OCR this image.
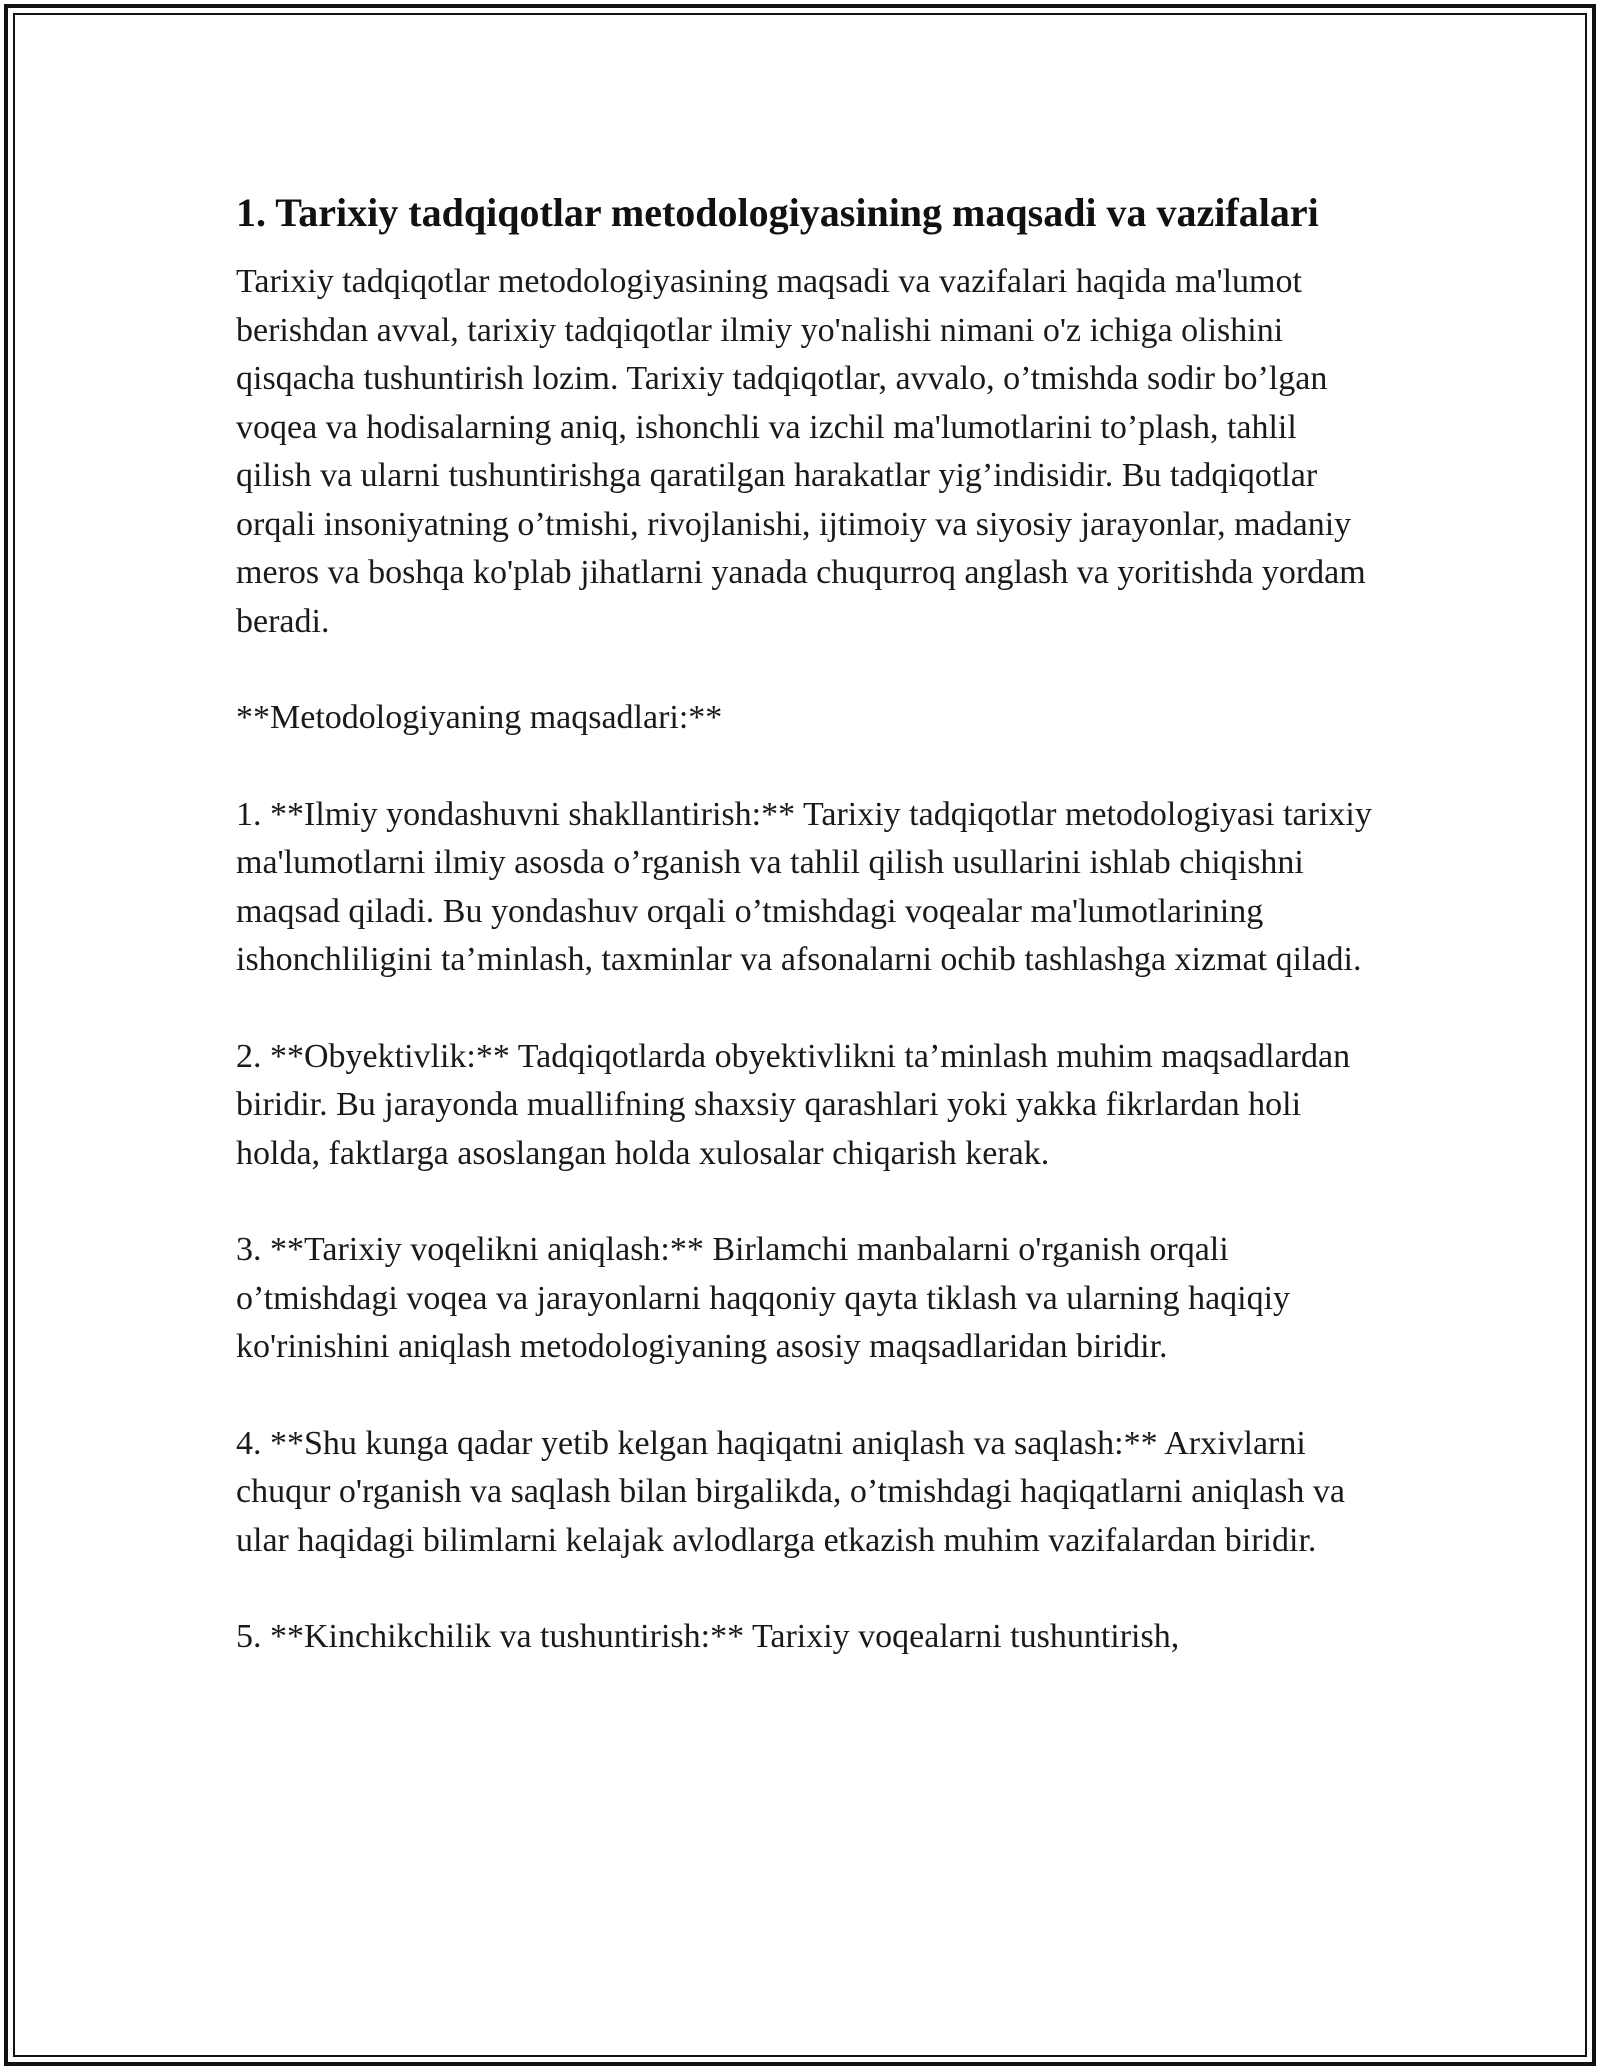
1. Tarixiy tadqiqotlar metodologiyasining maqsadi va vazifalari

Tarixiy tadqiqotlar metodologiyasining maqsadi va vazifalari haqida ma'lumot berishdan avval, tarixiy tadqiqotlar ilmiy yo'nalishi nimani o'z ichiga olishini qisqacha tushuntirish lozim. Tarixiy tadqiqotlar, avvalo, o’tmishda sodir bo’lgan voqea va hodisalarning aniq, ishonchli va izchil ma'lumotlarini to’plash, tahlil qilish va ularni tushuntirishga qaratilgan harakatlar yig’indisidir. Bu tadqiqotlar orqali insoniyatning o’tmishi, rivojlanishi, ijtimoiy va siyosiy jarayonlar, madaniy meros va boshqa ko'plab jihatlarni yanada chuqurroq anglash va yoritishda yordam beradi.

**Metodologiyaning maqsadlari:**

1. **Ilmiy yondashuvni shakllantirish:** Tarixiy tadqiqotlar metodologiyasi tarixiy ma'lumotlarni ilmiy asosda o’rganish va tahlil qilish usullarini ishlab chiqishni maqsad qiladi. Bu yondashuv orqali o’tmishdagi voqealar ma'lumotlarining ishonchliligini ta’minlash, taxminlar va afsonalarni ochib tashlashga xizmat qiladi.

2. **Obyektivlik:** Tadqiqotlarda obyektivlikni ta’minlash muhim maqsadlardan biridir. Bu jarayonda muallifning shaxsiy qarashlari yoki yakka fikrlardan holi holda, faktlarga asoslangan holda xulosalar chiqarish kerak.

3. **Tarixiy voqelikni aniqlash:** Birlamchi manbalarni o'rganish orqali o’tmishdagi voqea va jarayonlarni haqqoniy qayta tiklash va ularning haqiqiy ko'rinishini aniqlash metodologiyaning asosiy maqsadlaridan biridir.

4. **Shu kunga qadar yetib kelgan haqiqatni aniqlash va saqlash:** Arxivlarni chuqur o'rganish va saqlash bilan birgalikda, o’tmishdagi haqiqatlarni aniqlash va ular haqidagi bilimlarni kelajak avlodlarga etkazish muhim vazifalardan biridir.

5. **Kinchikchilik va tushuntirish:** Tarixiy voqealarni tushuntirish,
